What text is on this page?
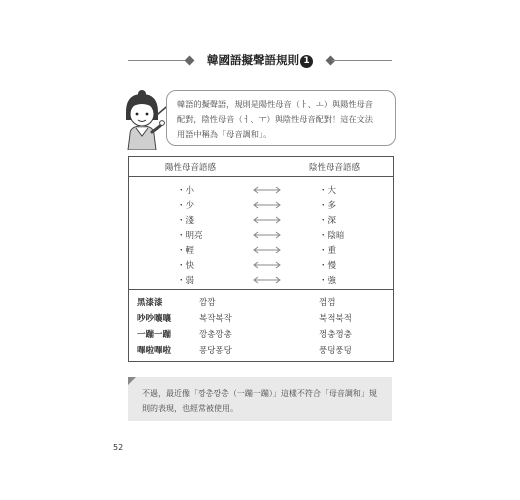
韓國語擬聲語規則 1
韓語的擬聲語，規則是陽性母音（ㅏ、ㅗ）與陽性母音
配對，陰性母音（ㅓ、ㅜ）與陰性母音配對！這在文法
用語中稱為「母音調和」。
陽性母音語感	陰性母音語感
・小	・大
・少	・多
・淺	・深
・明亮	・陰暗
・輕	・重
・快	・慢
・弱	・強
黑漆漆	깜깜	껌껌
吵吵嚷嚷	복작복작	북적북적
一蹦一蹦	깡총깡총	껑충껑충
嗶啦嗶啦	퐁당퐁당	풍덩풍덩
不過，最近像「깡총깡총（一蹦一蹦）」這樣不符合「母音調和」規
則的表現，也經常被使用。
52
